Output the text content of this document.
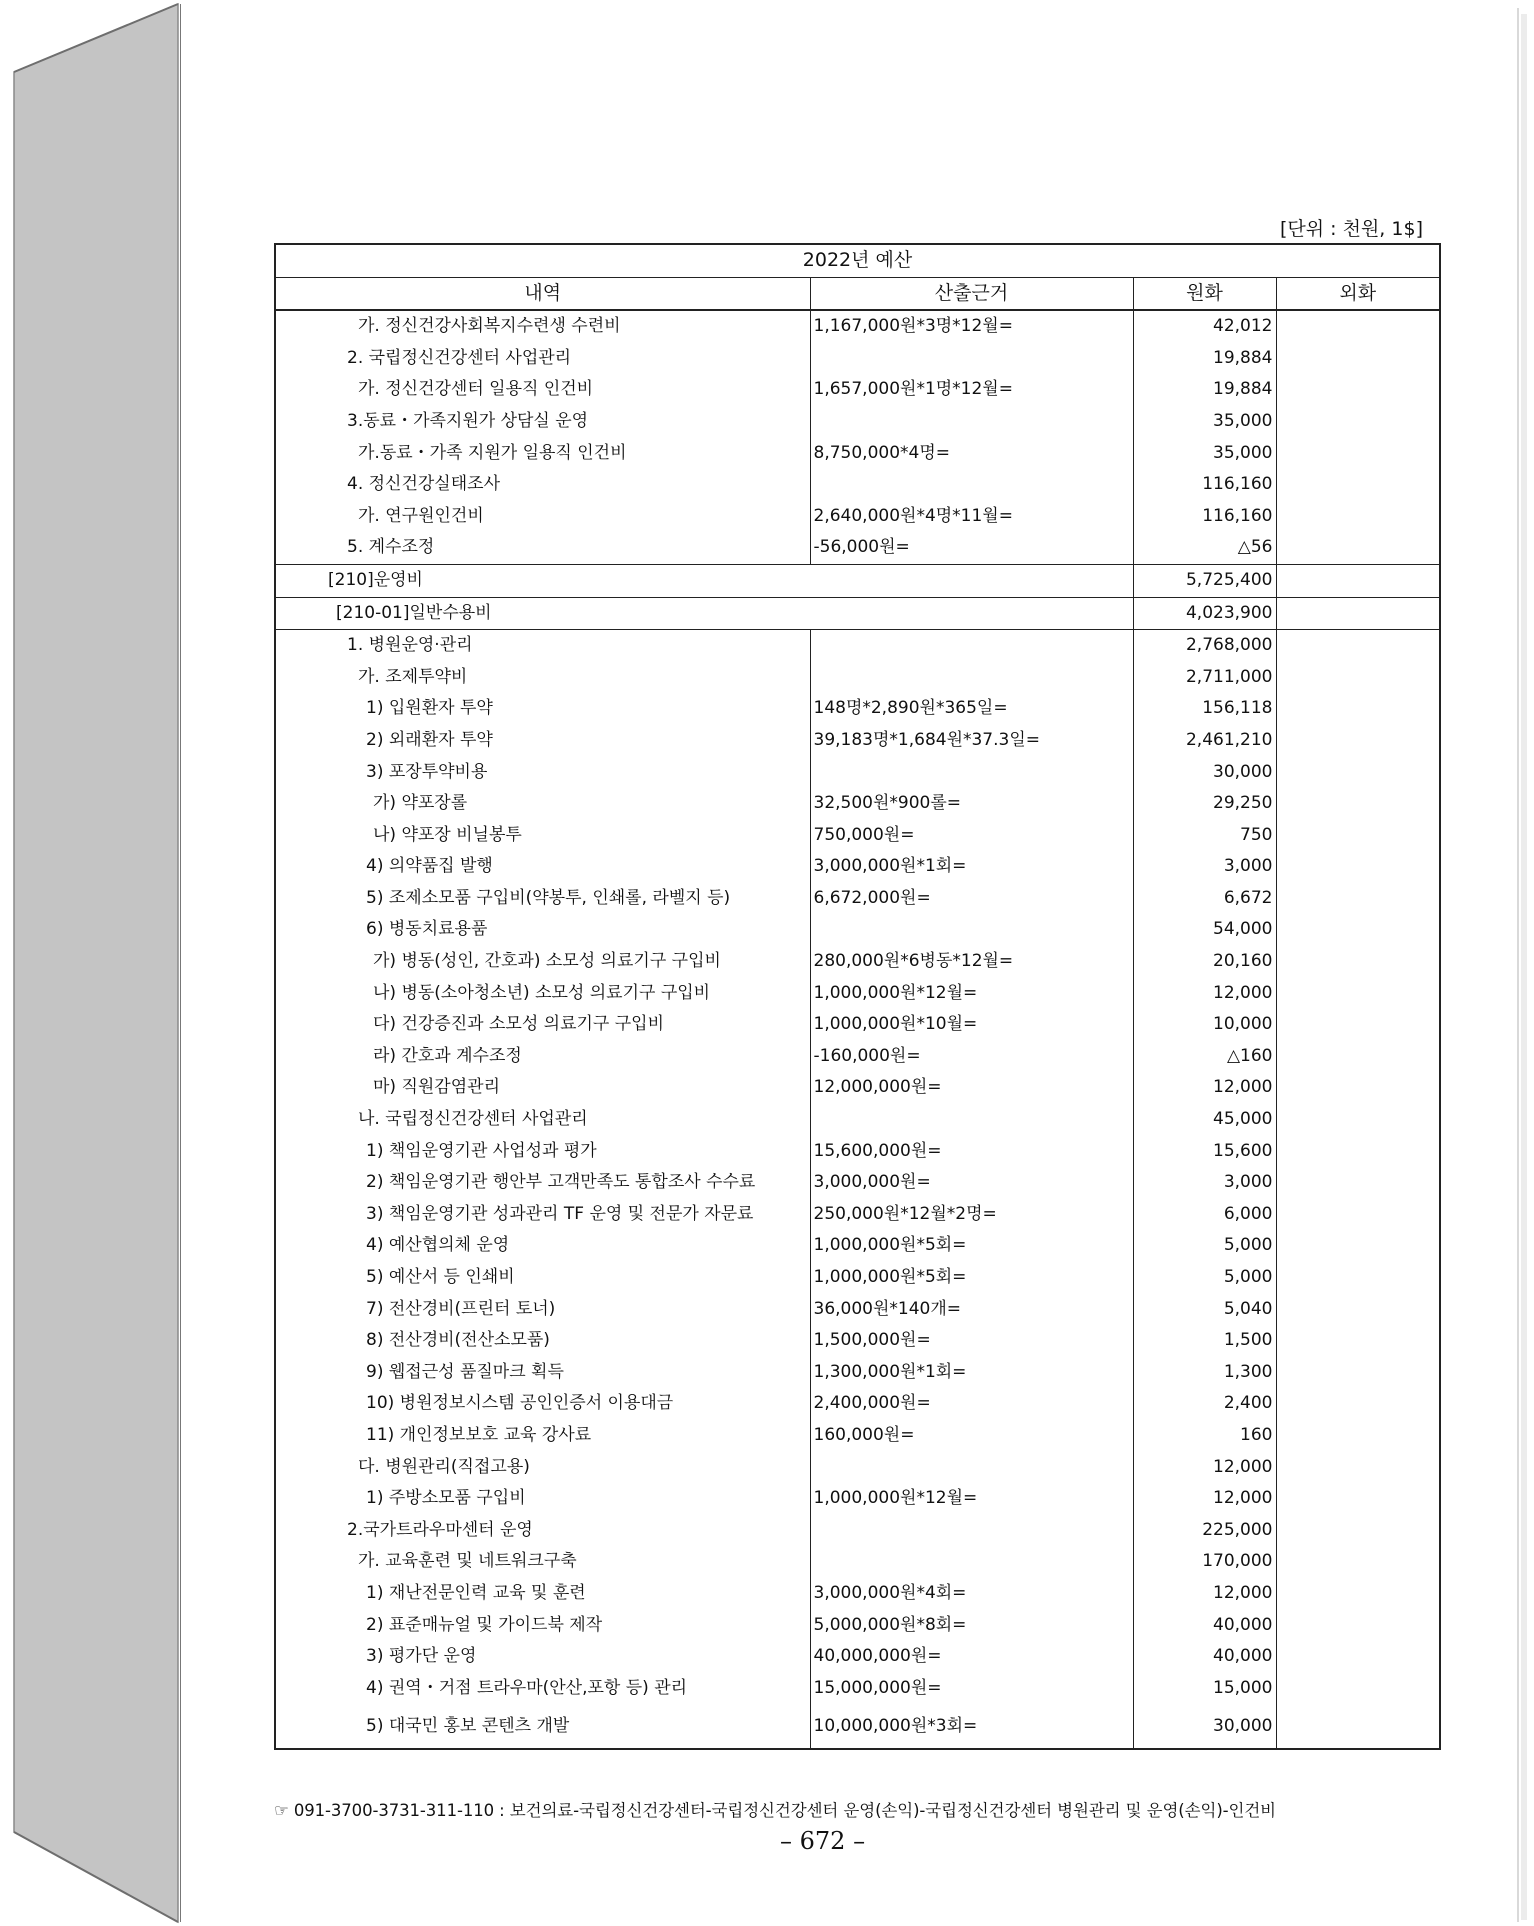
[단위 : 천원, 1$]
2022년 예산			
내역	산출근거	원화	외화
가. 정신건강사회복지수련생 수련비	1,167,000원*3명*12월=	42,012	
2. 국립정신건강센터 사업관리		19,884	
가. 정신건강센터 일용직 인건비	1,657,000원*1명*12월=	19,884	
3.동료・가족지원가 상담실 운영		35,000	
가.동료・가족 지원가 일용직 인건비	8,750,000*4명=	35,000	
4. 정신건강실태조사		116,160	
가. 연구원인건비	2,640,000원*4명*11월=	116,160	
5. 계수조정	-56,000원=	△56	
[210]운영비		5,725,400	
[210-01]일반수용비		4,023,900	
1. 병원운영·관리		2,768,000	
가. 조제투약비		2,711,000	
1) 입원환자 투약	148명*2,890원*365일=	156,118	
2) 외래환자 투약	39,183명*1,684원*37.3일=	2,461,210	
3) 포장투약비용		30,000	
가) 약포장롤	32,500원*900롤=	29,250	
나) 약포장 비닐봉투	750,000원=	750	
4) 의약품집 발행	3,000,000원*1회=	3,000	
5) 조제소모품 구입비(약봉투, 인쇄롤, 라벨지 등)	6,672,000원=	6,672	
6) 병동치료용품		54,000	
가) 병동(성인, 간호과) 소모성 의료기구 구입비	280,000원*6병동*12월=	20,160	
나) 병동(소아청소년) 소모성 의료기구 구입비	1,000,000원*12월=	12,000	
다) 건강증진과 소모성 의료기구 구입비	1,000,000원*10월=	10,000	
라) 간호과 계수조정	-160,000원=	△160	
마) 직원감염관리	12,000,000원=	12,000	
나. 국립정신건강센터 사업관리		45,000	
1) 책임운영기관 사업성과 평가	15,600,000원=	15,600	
2) 책임운영기관 행안부 고객만족도 통합조사 수수료	3,000,000원=	3,000	
3) 책임운영기관 성과관리 TF 운영 및 전문가 자문료	250,000원*12월*2명=	6,000	
4) 예산협의체 운영	1,000,000원*5회=	5,000	
5) 예산서 등 인쇄비	1,000,000원*5회=	5,000	
7) 전산경비(프린터 토너)	36,000원*140개=	5,040	
8) 전산경비(전산소모품)	1,500,000원=	1,500	
9) 웹접근성 품질마크 획득	1,300,000원*1회=	1,300	
10) 병원정보시스템 공인인증서 이용대금	2,400,000원=	2,400	
11) 개인정보보호 교육 강사료	160,000원=	160	
다. 병원관리(직접고용)		12,000	
1) 주방소모품 구입비	1,000,000원*12월=	12,000	
2.국가트라우마센터 운영		225,000	
가. 교육훈련 및 네트워크구축		170,000	
1) 재난전문인력 교육 및 훈련	3,000,000원*4회=	12,000	
2) 표준매뉴얼 및 가이드북 제작	5,000,000원*8회=	40,000	
3) 평가단 운영	40,000,000원=	40,000	
4) 권역・거점 트라우마(안산,포항 등) 관리	15,000,000원=	15,000	
5) 대국민 홍보 콘텐츠 개발	10,000,000원*3회=	30,000	
☞ 091-3700-3731-311-110 : 보건의료-국립정신건강센터-국립정신건강센터 운영(손익)-국립정신건강센터 병원관리 및 운영(손익)-인건비
– 672 –
